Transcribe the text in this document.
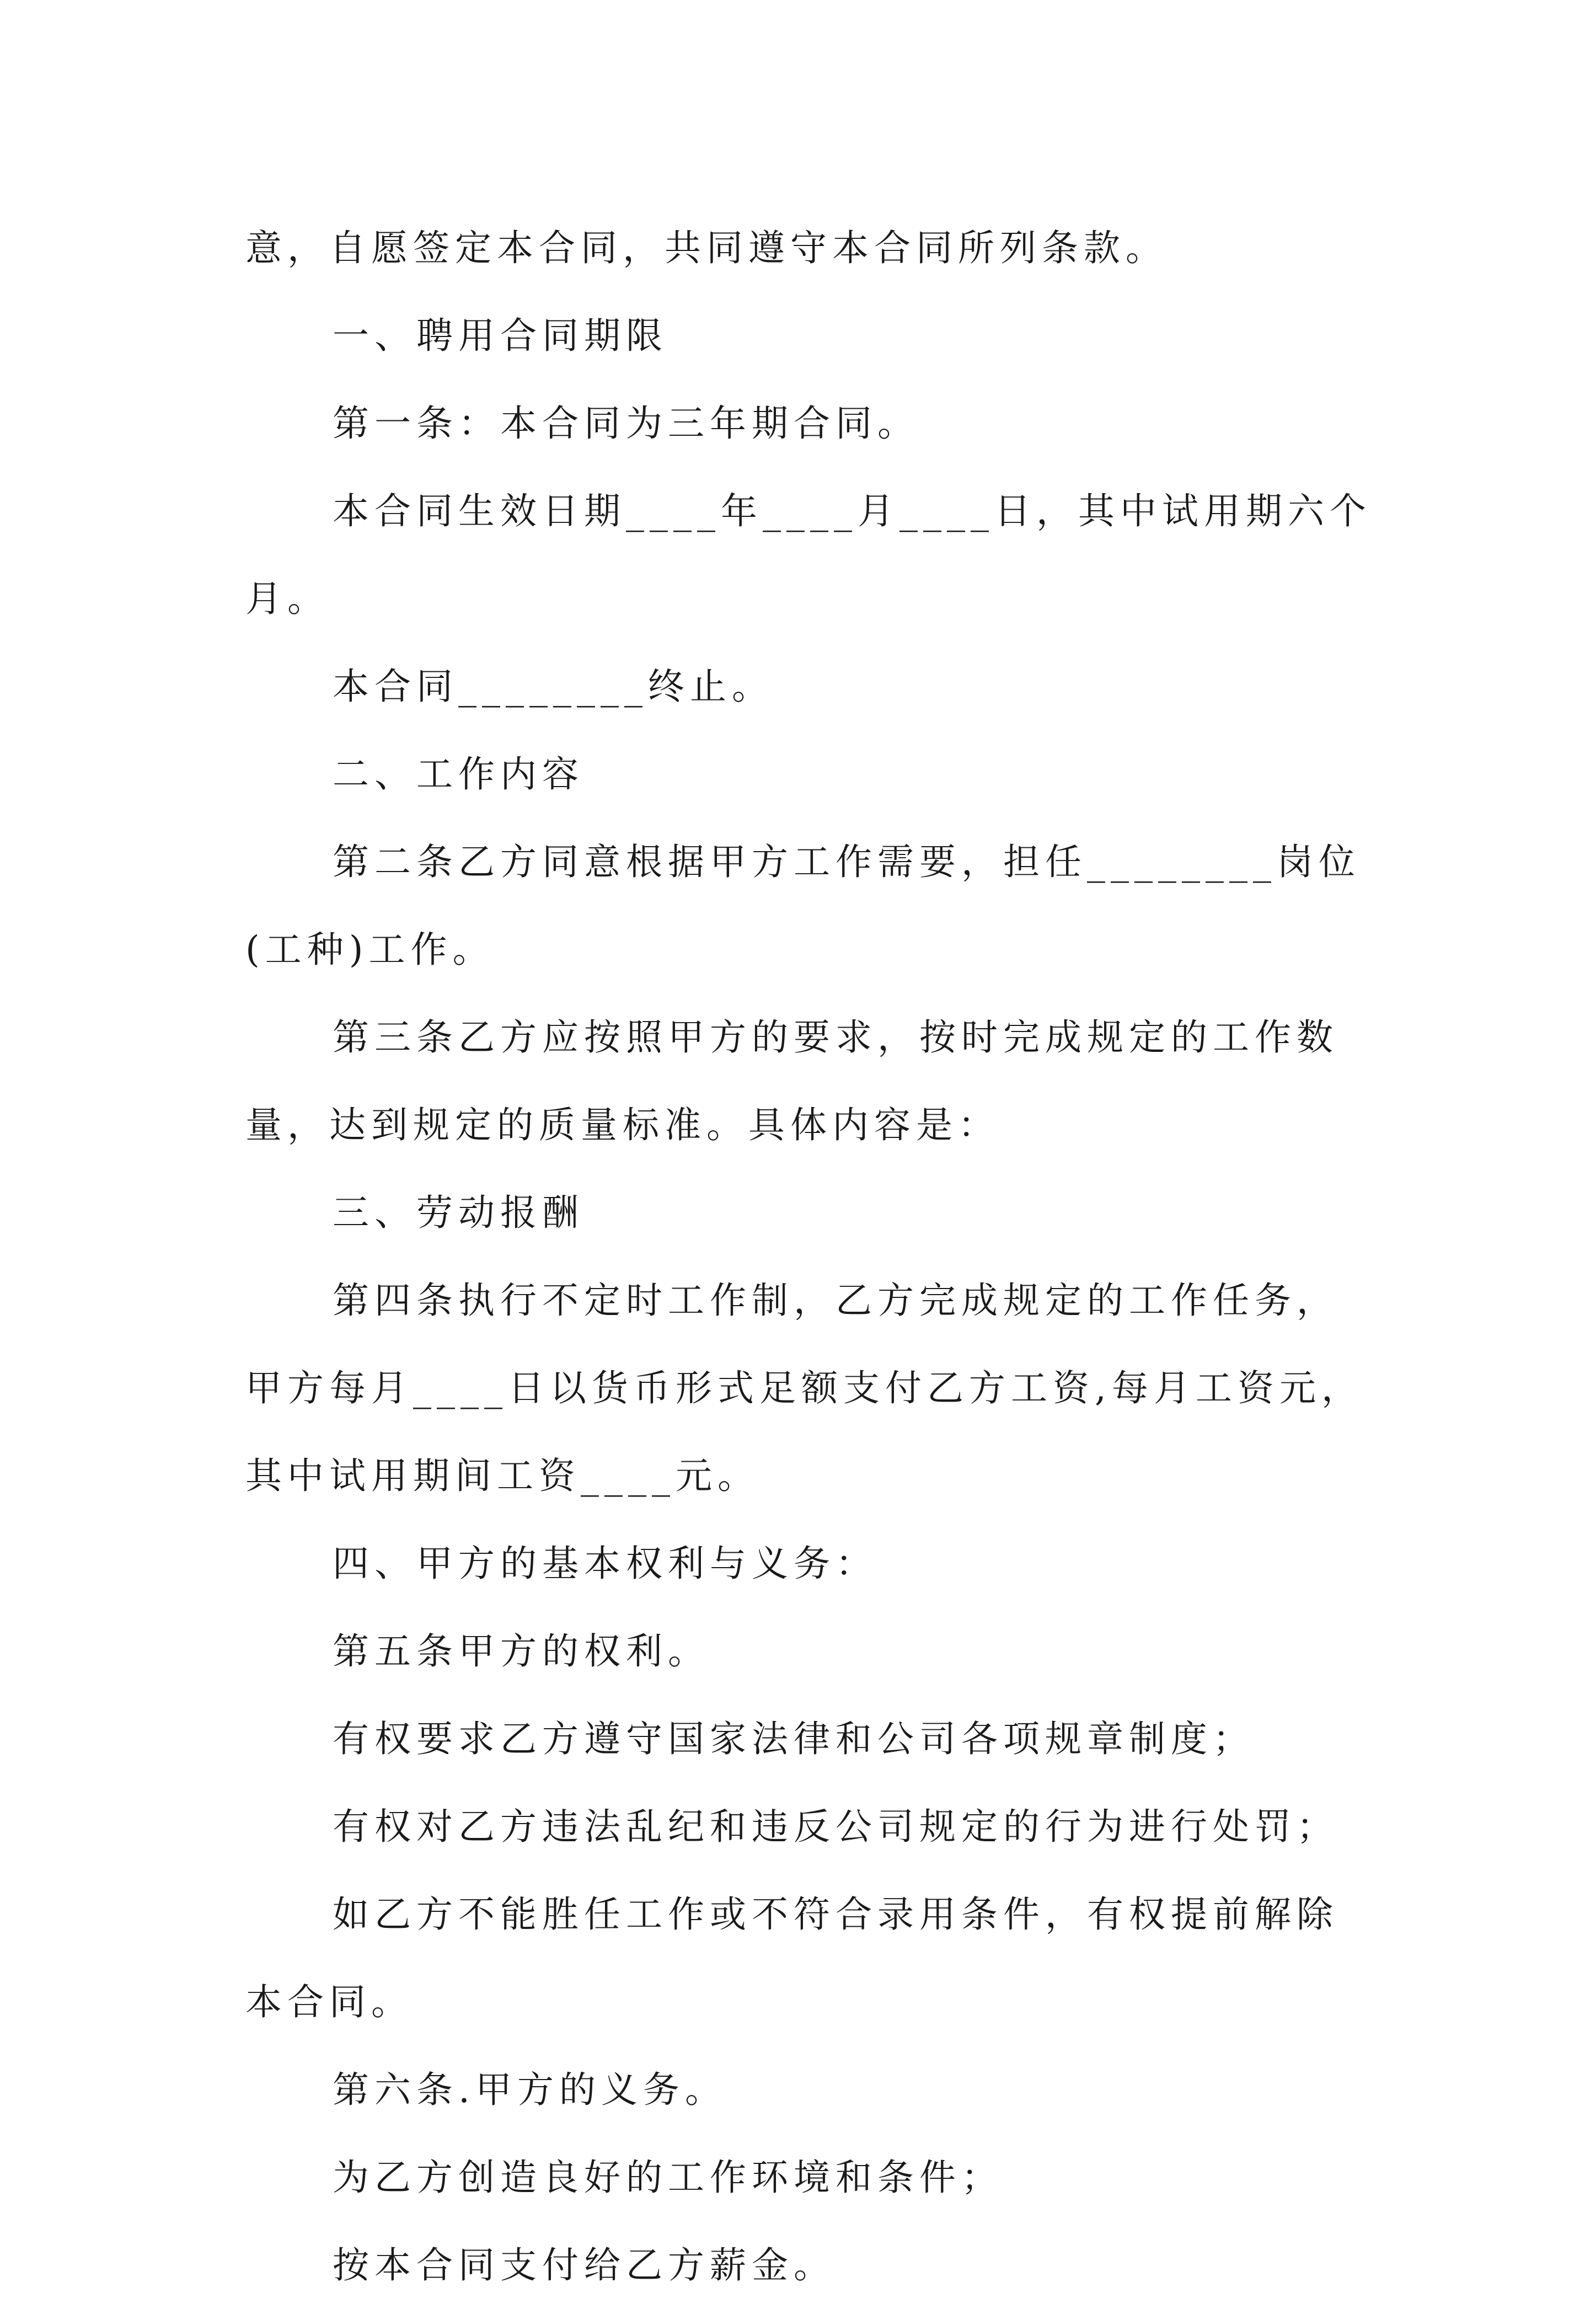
意，自愿签定本合同，共同遵守本合同所列条款。
一、聘用合同期限
第一条：本合同为三年期合同。
本合同生效日期____年____月____日，其中试用期六个
月。
本合同________终止。
二、工作内容
第二条乙方同意根据甲方工作需要，担任________岗位
(工种)工作。
第三条乙方应按照甲方的要求，按时完成规定的工作数
量，达到规定的质量标准。具体内容是：
三、劳动报酬
第四条执行不定时工作制，乙方完成规定的工作任务，
甲方每月____日以货币形式足额支付乙方工资,每月工资元，
其中试用期间工资____元。
四、甲方的基本权利与义务：
第五条甲方的权利。
有权要求乙方遵守国家法律和公司各项规章制度；
有权对乙方违法乱纪和违反公司规定的行为进行处罚；
如乙方不能胜任工作或不符合录用条件，有权提前解除
本合同。
第六条.甲方的义务。
为乙方创造良好的工作环境和条件；
按本合同支付给乙方薪金。
